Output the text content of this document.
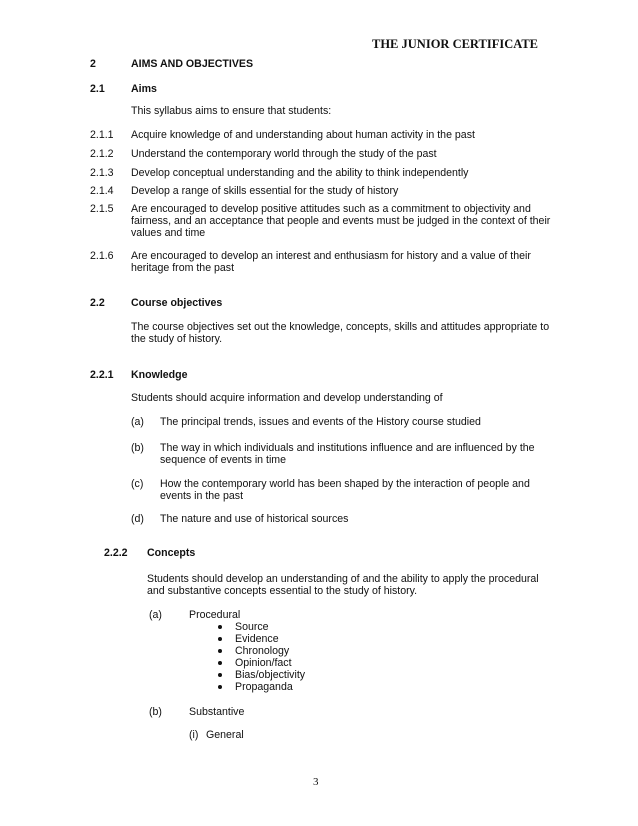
THE JUNIOR CERTIFICATE
2	AIMS AND OBJECTIVES
2.1 Aims
This syllabus aims to ensure that students:
2.1.1 Acquire knowledge of and understanding about human activity in the past
2.1.2 Understand the contemporary world through the study of the past
2.1.3 Develop conceptual understanding and the ability to think independently
2.1.4 Develop a range of skills essential for the study of history
2.1.5 Are encouraged to develop positive attitudes such as a commitment to objectivity and
fairness, and an acceptance that people and events must be judged in the context of their
values and time
2.1.6 Are encouraged to develop an interest and enthusiasm for history and a value of their
heritage from the past
2.2 Course objectives
The course objectives set out the knowledge, concepts, skills and attitudes appropriate to
the study of history.
2.2.1 Knowledge
Students should acquire information and develop understanding of
(a) The principal trends, issues and events of the History course studied
(b) The way in which individuals and institutions influence and are influenced by the
sequence of events in time
(c) How the contemporary world has been shaped by the interaction of people and
events in the past
(d) The nature and use of historical sources
2.2.2 Concepts
Students should develop an understanding of and the ability to apply the procedural
and substantive concepts essential to the study of history.
(a)	Procedural
Source
Evidence
Chronology
Opinion/fact
Bias/objectivity
Propaganda
(b)	Substantive
(i) General
3
